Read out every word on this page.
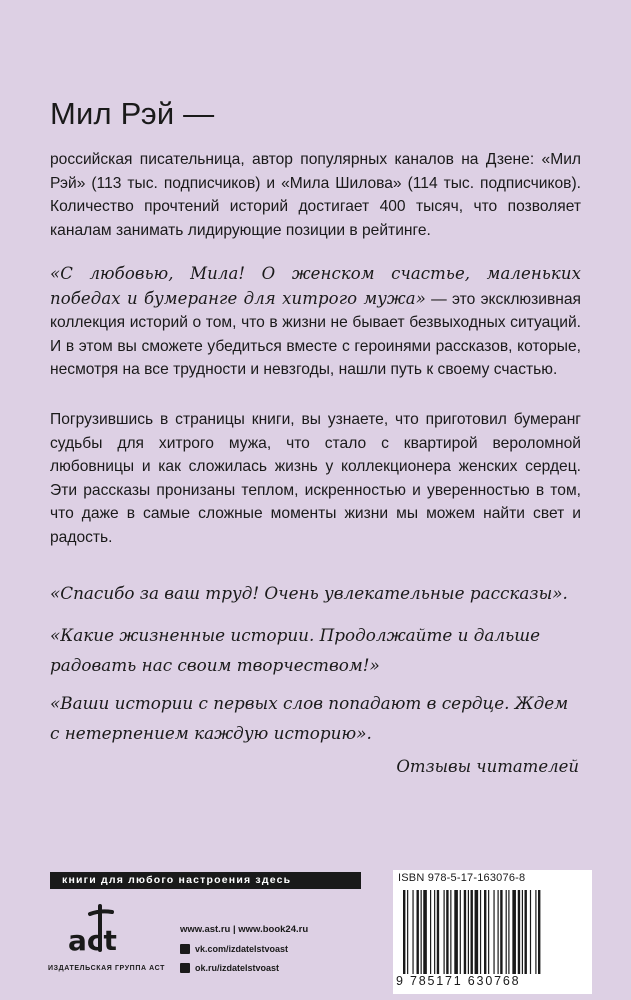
Мил Рэй —

российская писательница, автор популярных каналов на Дзене: «Мил Рэй» (113 тыс. подписчиков) и «Мила Шилова» (114 тыс. подписчиков). Количество прочтений историй достигает 400 тысяч, что позволяет каналам занимать лидирующие позиции в рейтинге.

«С любовью, Мила! О женском счастье, маленьких победах и бумеранге для хитрого мужа» — это эксклюзивная коллекция историй о том, что в жизни не бывает безвыходных ситуаций. И в этом вы сможете убедиться вместе с героинями рассказов, которые, несмотря на все трудности и невзгоды, нашли путь к своему счастью.

Погрузившись в страницы книги, вы узнаете, что приготовил бумеранг судьбы для хитрого мужа, что стало с квартирой вероломной любовницы и как сложилась жизнь у коллекционера женских сердец. Эти рассказы пронизаны теплом, искренностью и уверенностью в том, что даже в самые сложные моменты жизни мы можем найти свет и радость.

«Спасибо за ваш труд! Очень увлекательные рассказы».

«Какие жизненные истории. Продолжайте и дальше радовать нас своим творчеством!»

«Ваши истории с первых слов попадают в сердце. Ждем с нетерпением каждую историю».

Отзывы читателей

книги для любого настроения здесь

act

ИЗДАТЕЛЬСКАЯ ГРУППА АСТ

www.ast.ru | www.book24.ru
vk.com/izdatelstvoast
ok.ru/izdatelstvoast

ISBN 978-5-17-163076-8

9 785171 630768
